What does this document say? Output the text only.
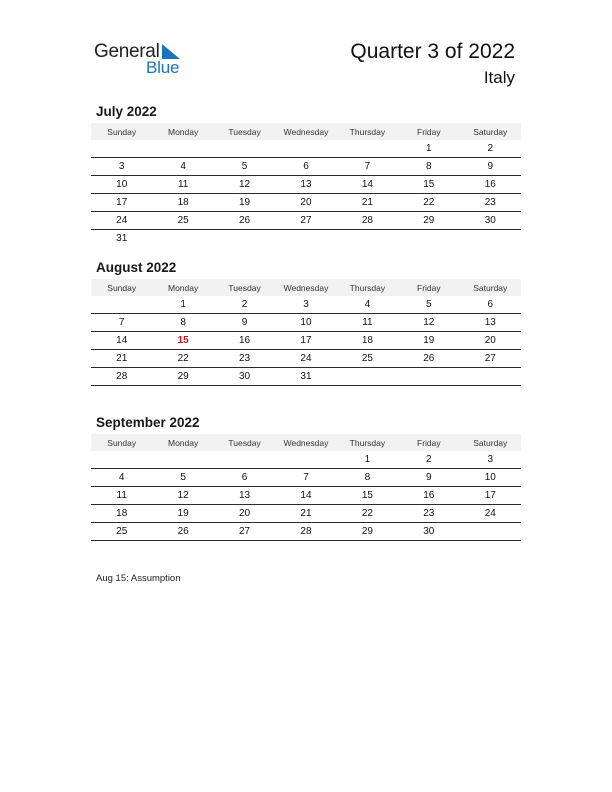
General
Blue
Quarter 3 of 2022
Italy
July 2022
Sunday	Monday	Tuesday	Wednesday	Thursday	Friday	Saturday
					1	2
3	4	5	6	7	8	9
10	11	12	13	14	15	16
17	18	19	20	21	22	23
24	25	26	27	28	29	30
31						
August 2022
Sunday	Monday	Tuesday	Wednesday	Thursday	Friday	Saturday
	1	2	3	4	5	6
7	8	9	10	11	12	13
14	15	16	17	18	19	20
21	22	23	24	25	26	27
28	29	30	31			
September 2022
Sunday	Monday	Tuesday	Wednesday	Thursday	Friday	Saturday
				1	2	3
4	5	6	7	8	9	10
11	12	13	14	15	16	17
18	19	20	21	22	23	24
25	26	27	28	29	30	
Aug 15: Assumption
